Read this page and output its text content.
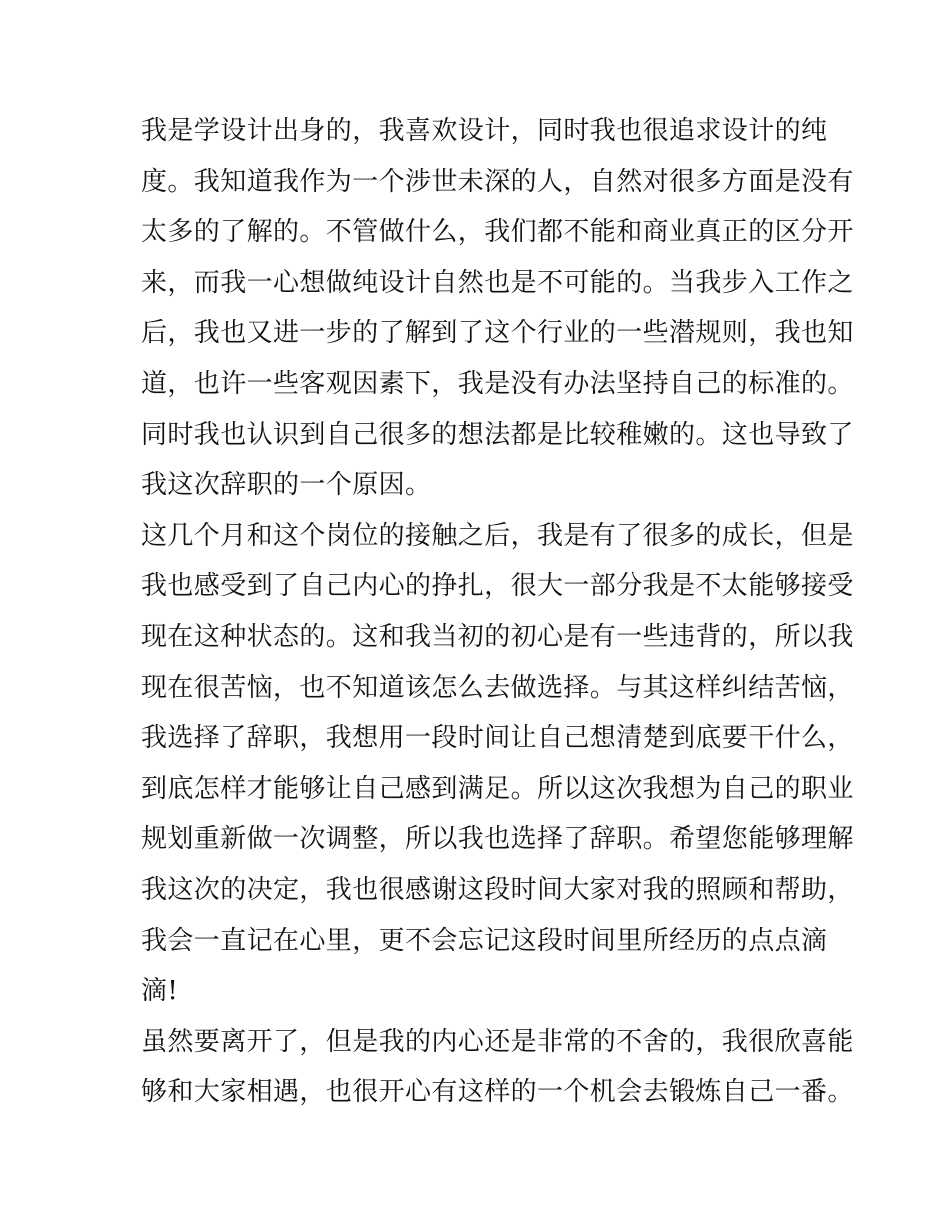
我是学设计出身的，我喜欢设计，同时我也很追求设计的纯
度。我知道我作为一个涉世未深的人，自然对很多方面是没有
太多的了解的。不管做什么，我们都不能和商业真正的区分开
来，而我一心想做纯设计自然也是不可能的。当我步入工作之
后，我也又进一步的了解到了这个行业的一些潜规则，我也知
道，也许一些客观因素下，我是没有办法坚持自己的标准的。
同时我也认识到自己很多的想法都是比较稚嫩的。这也导致了
我这次辞职的一个原因。
这几个月和这个岗位的接触之后，我是有了很多的成长，但是
我也感受到了自己内心的挣扎，很大一部分我是不太能够接受
现在这种状态的。这和我当初的初心是有一些违背的，所以我
现在很苦恼，也不知道该怎么去做选择。与其这样纠结苦恼，
我选择了辞职，我想用一段时间让自己想清楚到底要干什么，
到底怎样才能够让自己感到满足。所以这次我想为自己的职业
规划重新做一次调整，所以我也选择了辞职。希望您能够理解
我这次的决定，我也很感谢这段时间大家对我的照顾和帮助，
我会一直记在心里，更不会忘记这段时间里所经历的点点滴
滴!
虽然要离开了，但是我的内心还是非常的不舍的，我很欣喜能
够和大家相遇，也很开心有这样的一个机会去锻炼自己一番。
